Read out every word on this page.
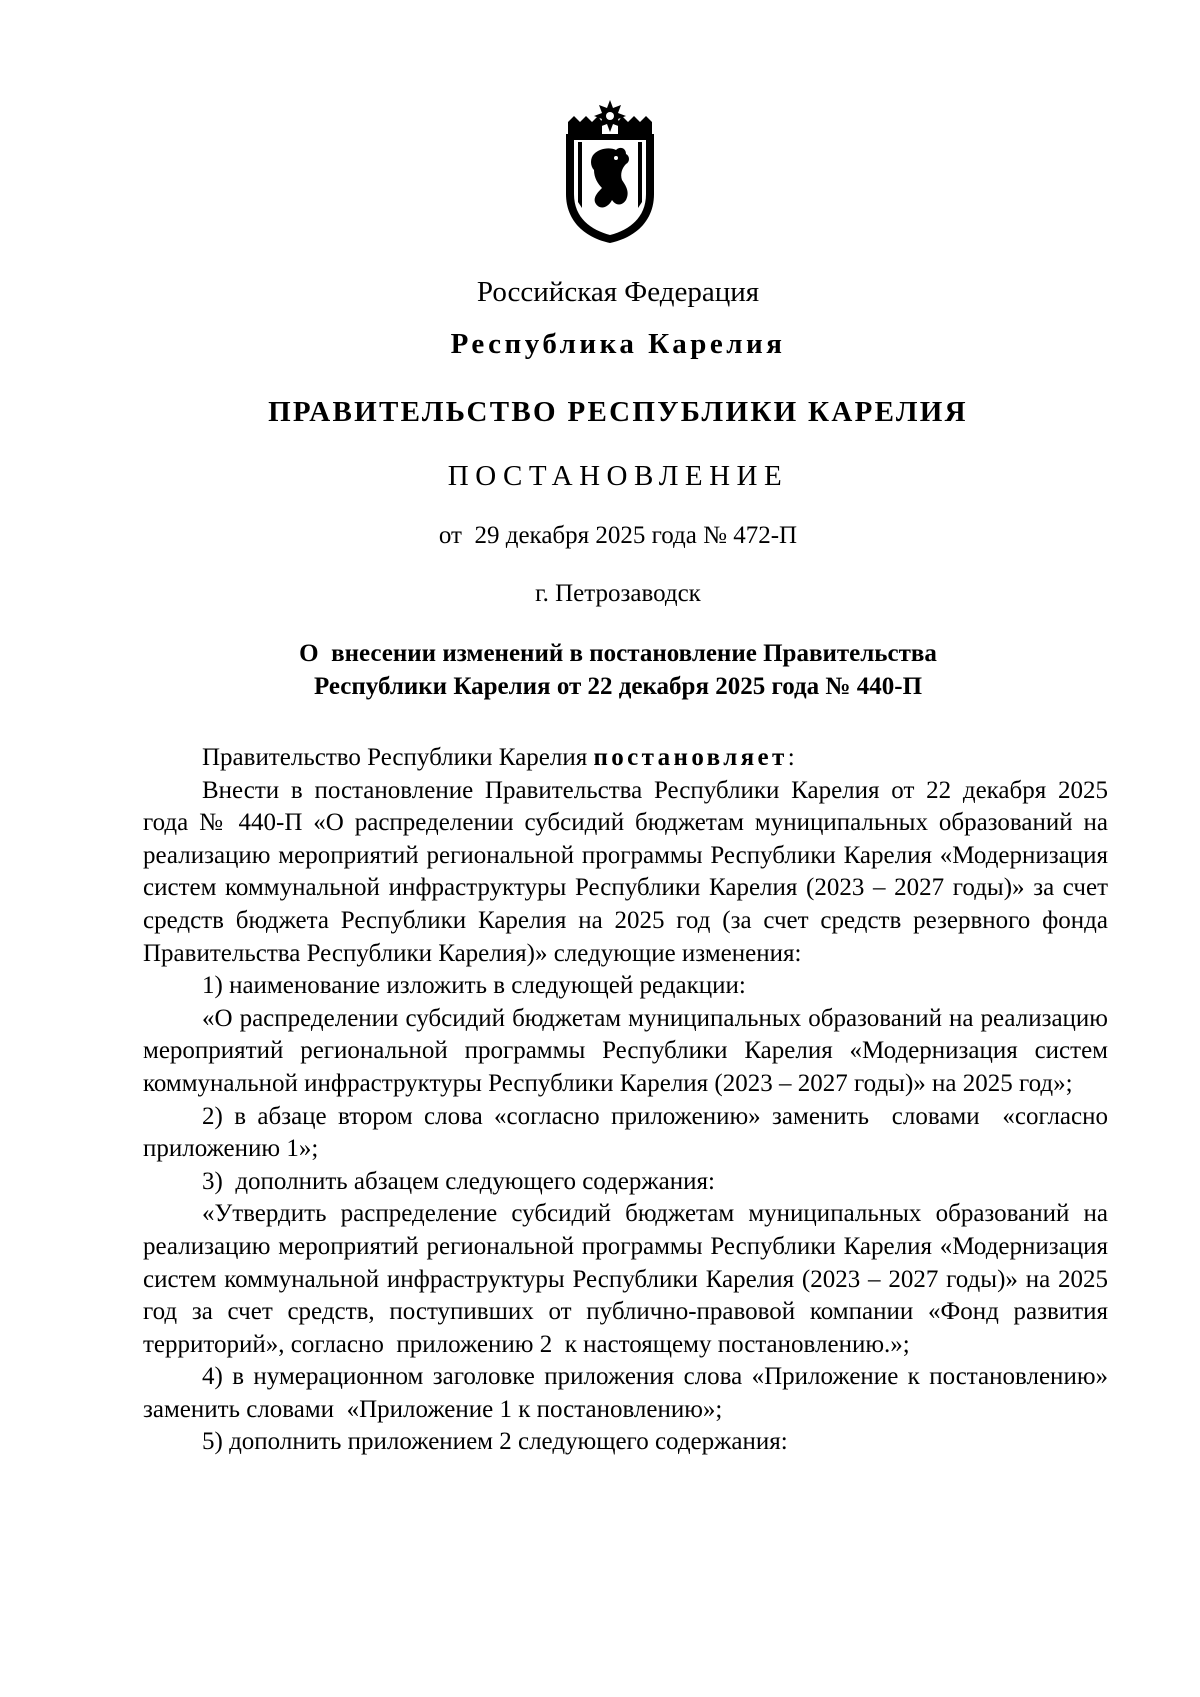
Российская Федерация
Республика Карелия
ПРАВИТЕЛЬСТВО РЕСПУБЛИКИ КАРЕЛИЯ
ПОСТАНОВЛЕНИЕ
от  29 декабря 2025 года № 472-П
г. Петрозаводск
О  внесении изменений в постановление Правительства
Республики Карелия от 22 декабря 2025 года № 440-П

Правительство Республики Карелия постановляет:

Внести в постановление Правительства Республики Карелия от 22 декабря 2025 года № 440-П «О распределении субсидий бюджетам муниципальных образований на реализацию мероприятий региональной программы Республики Карелия «Модернизация систем коммунальной инфраструктуры Республики Карелия (2023 – 2027 годы)» за счет средств бюджета Республики Карелия на 2025 год (за счет средств резервного фонда Правительства Республики Карелия)» следующие изменения:

1) наименование изложить в следующей редакции:

«О распределении субсидий бюджетам муниципальных образований на реализацию мероприятий региональной программы Республики Карелия «Модернизация систем коммунальной инфраструктуры Республики Карелия (2023 – 2027 годы)» на 2025 год»;

2) в абзаце втором слова «согласно приложению» заменить  словами  «согласно приложению 1»;

3)  дополнить абзацем следующего содержания:

«Утвердить распределение субсидий бюджетам муниципальных образований на реализацию мероприятий региональной программы Республики Карелия «Модернизация систем коммунальной инфраструктуры Республики Карелия (2023 – 2027 годы)» на 2025 год за счет средств, поступивших от публично-правовой компании «Фонд развития территорий», согласно  приложению 2  к настоящему постановлению.»;

4) в нумерационном заголовке приложения слова «Приложение к постановлению»  заменить словами  «Приложение 1 к постановлению»;

5) дополнить приложением 2 следующего содержания:
